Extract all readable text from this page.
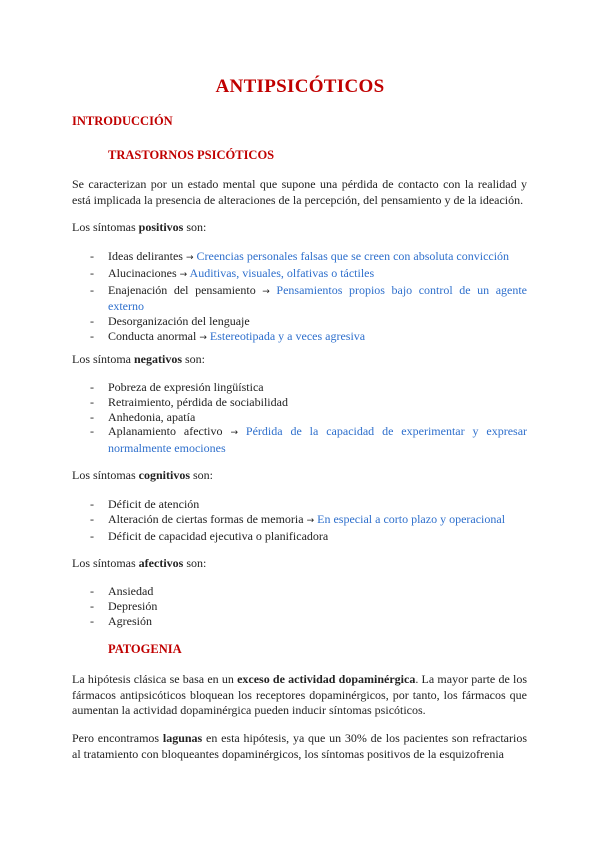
ANTIPSICÓTICOS
INTRODUCCIÓN
TRASTORNOS PSICÓTICOS
Se caracterizan por un estado mental que supone una pérdida de contacto con la realidad y está implicada la presencia de alteraciones de la percepción, del pensamiento y de la ideación.
Los síntomas positivos son:
- Ideas delirantes → Creencias personales falsas que se creen con absoluta convicción
- Alucinaciones → Auditivas, visuales, olfativas o táctiles
- Enajenación del pensamiento → Pensamientos propios bajo control de un agente externo
- Desorganización del lenguaje
- Conducta anormal → Estereotipada y a veces agresiva
Los síntoma negativos son:
- Pobreza de expresión lingüística
- Retraimiento, pérdida de sociabilidad
- Anhedonia, apatía
- Aplanamiento afectivo → Pérdida de la capacidad de experimentar y expresar normalmente emociones
Los síntomas cognitivos son:
- Déficit de atención
- Alteración de ciertas formas de memoria → En especial a corto plazo y operacional
- Déficit de capacidad ejecutiva o planificadora
Los síntomas afectivos son:
- Ansiedad
- Depresión
- Agresión
PATOGENIA
La hipótesis clásica se basa en un exceso de actividad dopaminérgica. La mayor parte de los fármacos antipsicóticos bloquean los receptores dopaminérgicos, por tanto, los fármacos que aumentan la actividad dopaminérgica pueden inducir síntomas psicóticos.
Pero encontramos lagunas en esta hipótesis, ya que un 30% de los pacientes son refractarios al tratamiento con bloqueantes dopaminérgicos, los síntomas positivos de la esquizofrenia
